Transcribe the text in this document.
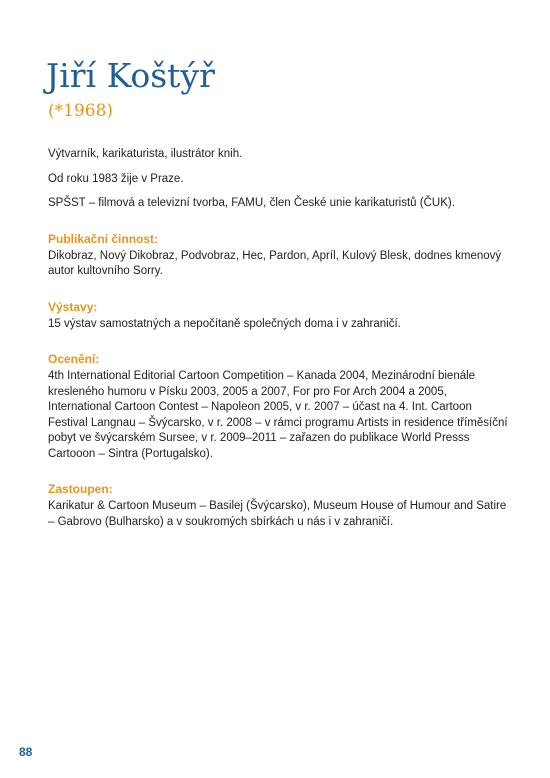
Jiří Koštýř

(*1968)

Výtvarník, karikaturista, ilustrátor knih.

Od roku 1983 žije v Praze.

SPŠST – filmová a televizní tvorba, FAMU, člen České unie karikaturistů (ČUK).

Publikační činnost:

Dikobraz, Nový Dikobraz, Podvobraz, Hec, Pardon, Apríl, Kulový Blesk, dodnes kmenový autor kultovního Sorry.

Výstavy:

15 výstav samostatných a nepočítaně společných doma i v zahraničí.

Ocenění:

4th International Editorial Cartoon Competition – Kanada 2004, Mezinárodní bienále kresleného humoru v Písku 2003, 2005 a 2007, For pro For Arch 2004 a 2005, International Cartoon Contest – Napoleon 2005, v r. 2007 – účast na 4. Int. Cartoon Festival Langnau – Švýcarsko, v r. 2008 – v rámci programu Artists in residence tříměsíční pobyt ve švýcarském Sursee, v r. 2009–2011 – zařazen do publikace World Presss Cartooon – Sintra (Portugalsko).

Zastoupen:

Karikatur & Cartoon Museum – Basilej (Švýcarsko), Museum House of Humour and Satire – Gabrovo (Bulharsko) a v soukromých sbírkách u nás i v zahraničí.

88
